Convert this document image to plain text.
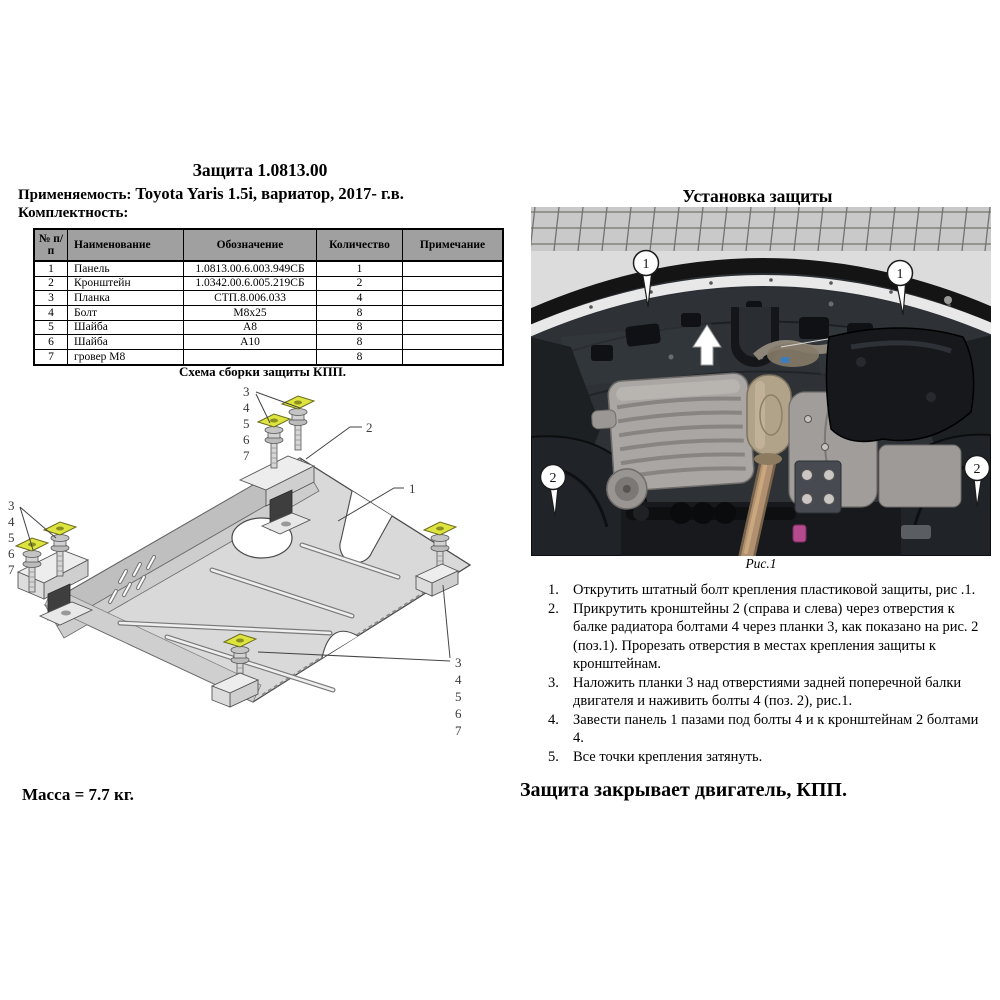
Защита 1.0813.00
Применяемость: Toyota Yaris 1.5i, вариатор, 2017- г.в.
Комплектность:
№ п/п	Наименование	Обозначение	Количество	Примечание
1	Панель	1.0813.00.6.003.949СБ	1	
2	Кронштейн	1.0342.00.6.005.219СБ	2	
3	Планка	СТП.8.006.033	4	
4	Болт	М8х25	8	
5	Шайба	А8	8	
6	Шайба	А10	8	
7	гровер М8		8	
Схема сборки защиты КПП.
3
4
5
6
7
3
4
5
6
7
3
4
5
6
7
2
1
Масса = 7.7 кг.
Установка защиты
1
1
2
2
Рис.1
1. Открутить штатный болт крепления пластиковой защиты, рис .1.
2. Прикрутить кронштейны 2 (справа и слева) через отверстия к балке радиатора болтами 4 через планки 3, как показано на рис. 2 (поз.1). Прорезать отверстия в местах крепления защиты к кронштейнам.
3. Наложить планки 3 над отверстиями задней поперечной балки двигателя и наживить болты 4 (поз. 2), рис.1.
4. Завести панель 1 пазами под болты 4 и к кронштейнам 2 болтами 4.
5. Все точки крепления затянуть.
Защита закрывает двигатель, КПП.
